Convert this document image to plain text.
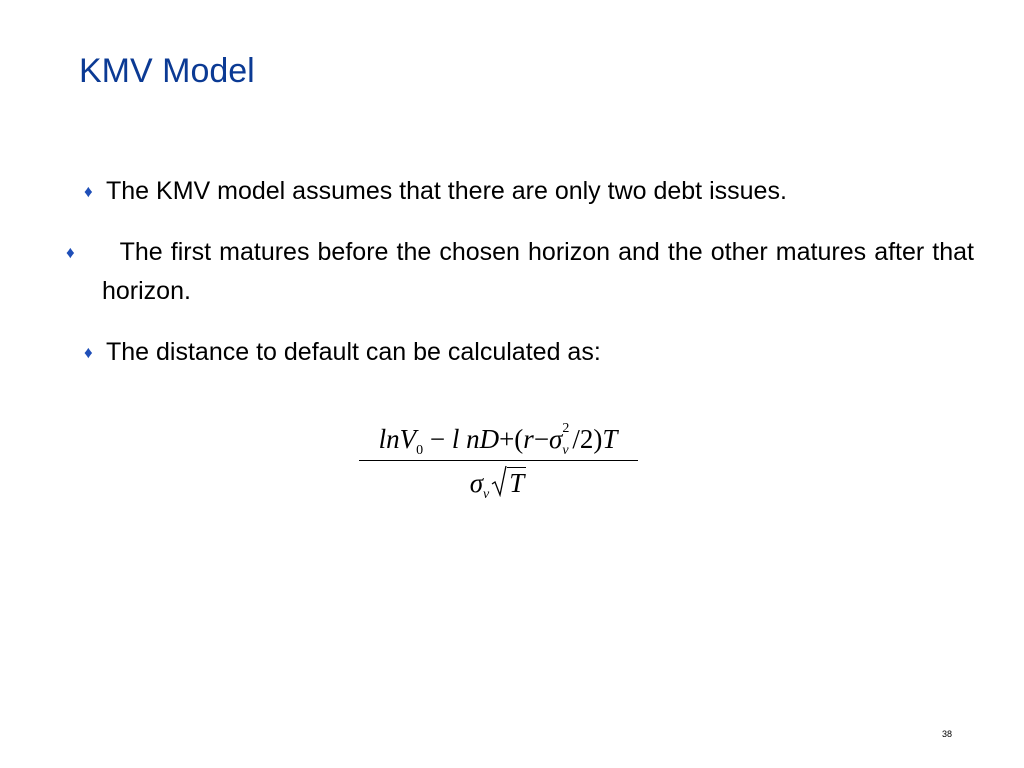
KMV Model
♦ The KMV model assumes that there are only two debt issues.
♦ The first matures before the chosen horizon and the other matures after that horizon.
♦ The distance to default can be calculated as:
lnV$_0$ − l nD+(r−σ 2
v /2)T
$\sigma_v$ T
38
